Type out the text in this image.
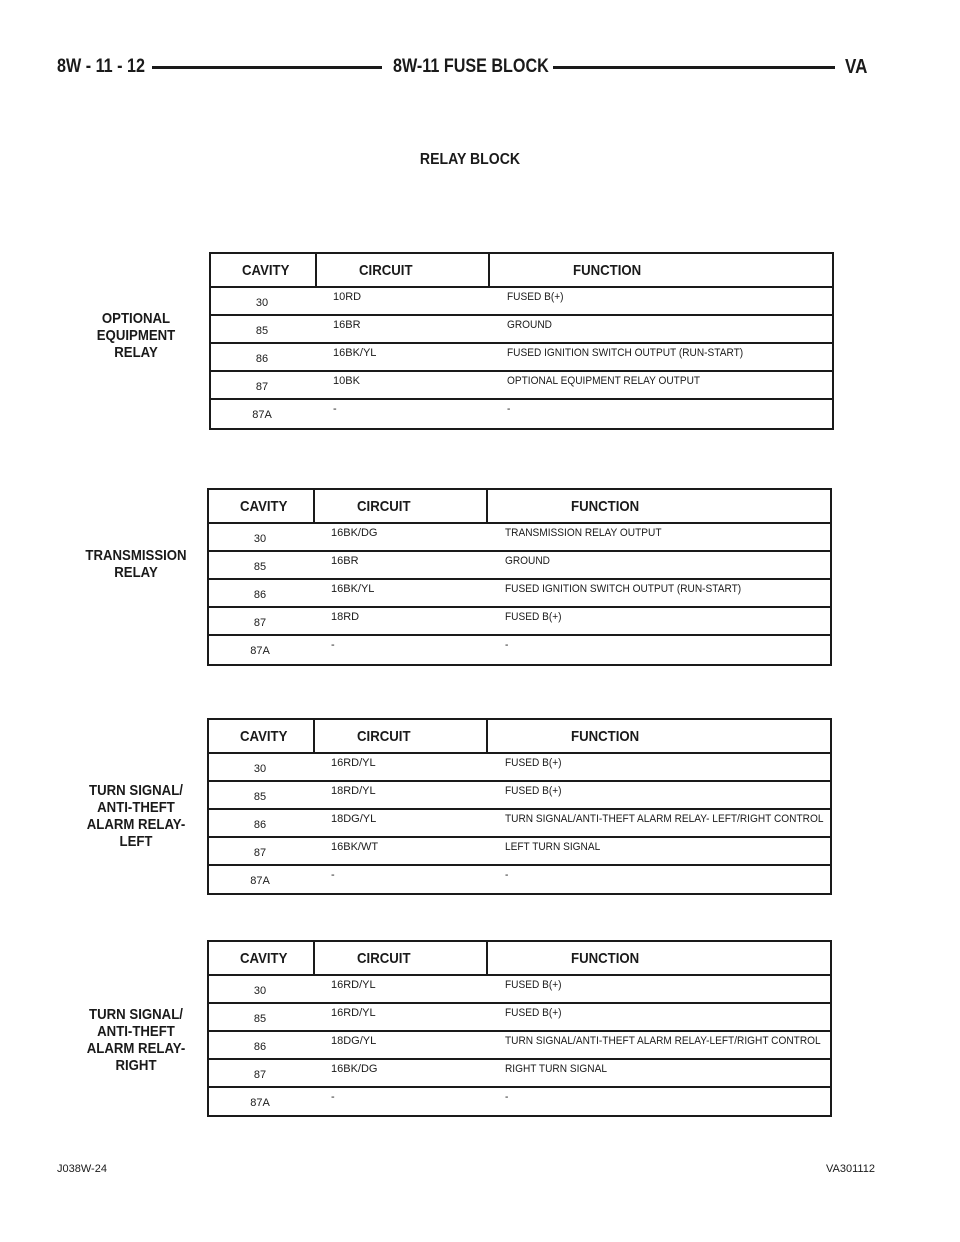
8W - 11 - 12	8W-11 FUSE BLOCK	VA
RELAY BLOCK
OPTIONAL
EQUIPMENT
RELAY
CAVITY	CIRCUIT	FUNCTION
30	10RD	FUSED B(+)
85	16BR	GROUND
86	16BK/YL	FUSED IGNITION SWITCH OUTPUT (RUN-START)
87	10BK	OPTIONAL EQUIPMENT RELAY OUTPUT
87A	-	-
TRANSMISSION
RELAY
CAVITY	CIRCUIT	FUNCTION
30	16BK/DG	TRANSMISSION RELAY OUTPUT
85	16BR	GROUND
86	16BK/YL	FUSED IGNITION SWITCH OUTPUT (RUN-START)
87	18RD	FUSED B(+)
87A	-	-
TURN SIGNAL/
ANTI-THEFT
ALARM RELAY-
LEFT
CAVITY	CIRCUIT	FUNCTION
30	16RD/YL	FUSED B(+)
85	18RD/YL	FUSED B(+)
86	18DG/YL	TURN SIGNAL/ANTI-THEFT ALARM RELAY- LEFT/RIGHT CONTROL
87	16BK/WT	LEFT TURN SIGNAL
87A	-	-
TURN SIGNAL/
ANTI-THEFT
ALARM RELAY-
RIGHT
CAVITY	CIRCUIT	FUNCTION
30	16RD/YL	FUSED B(+)
85	16RD/YL	FUSED B(+)
86	18DG/YL	TURN SIGNAL/ANTI-THEFT ALARM RELAY-LEFT/RIGHT CONTROL
87	16BK/DG	RIGHT TURN SIGNAL
87A	-	-
J038W-24	VA301112
